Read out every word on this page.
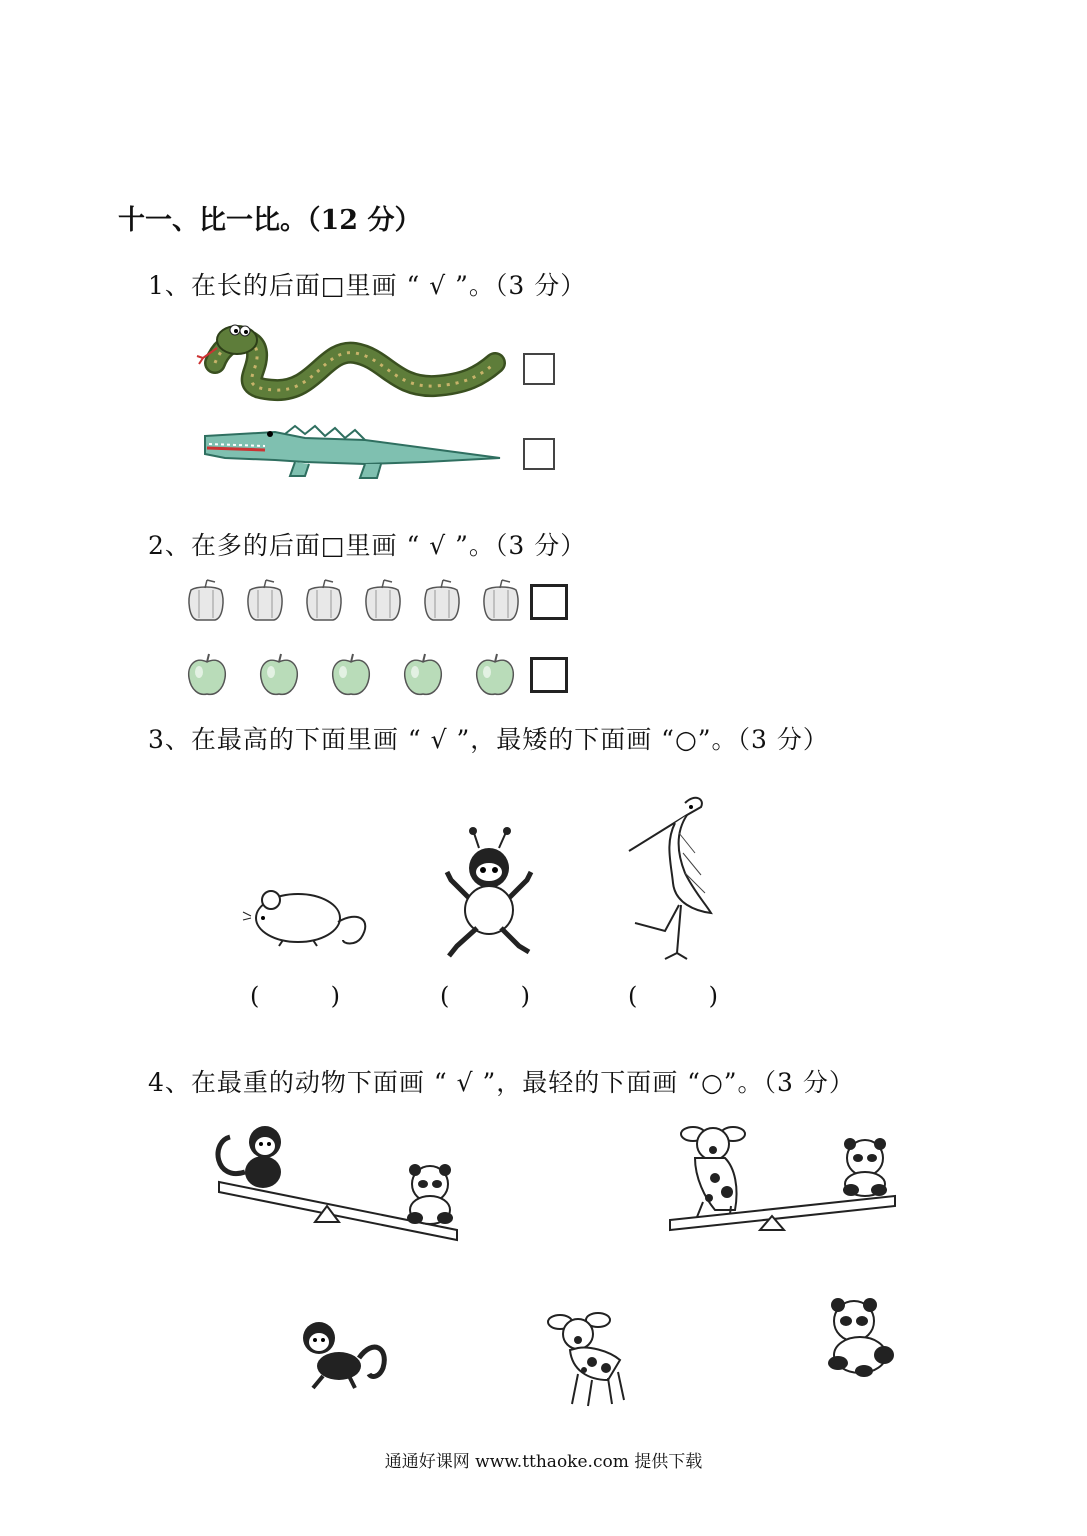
十一、比一比。（12 分）
1、在长的后面□里画 “ √ ”。（3 分）
2、在多的后面□里画 “ √ ”。（3 分）
3、在最高的下面里画 “ √ ”，最矮的下面画 “○”。（3 分）
(	)	(	)	(	)
4、在最重的动物下面画 “ √ ”，最轻的下面画 “○”。（3 分）
通通好课网 www.tthaoke.com 提供下载
